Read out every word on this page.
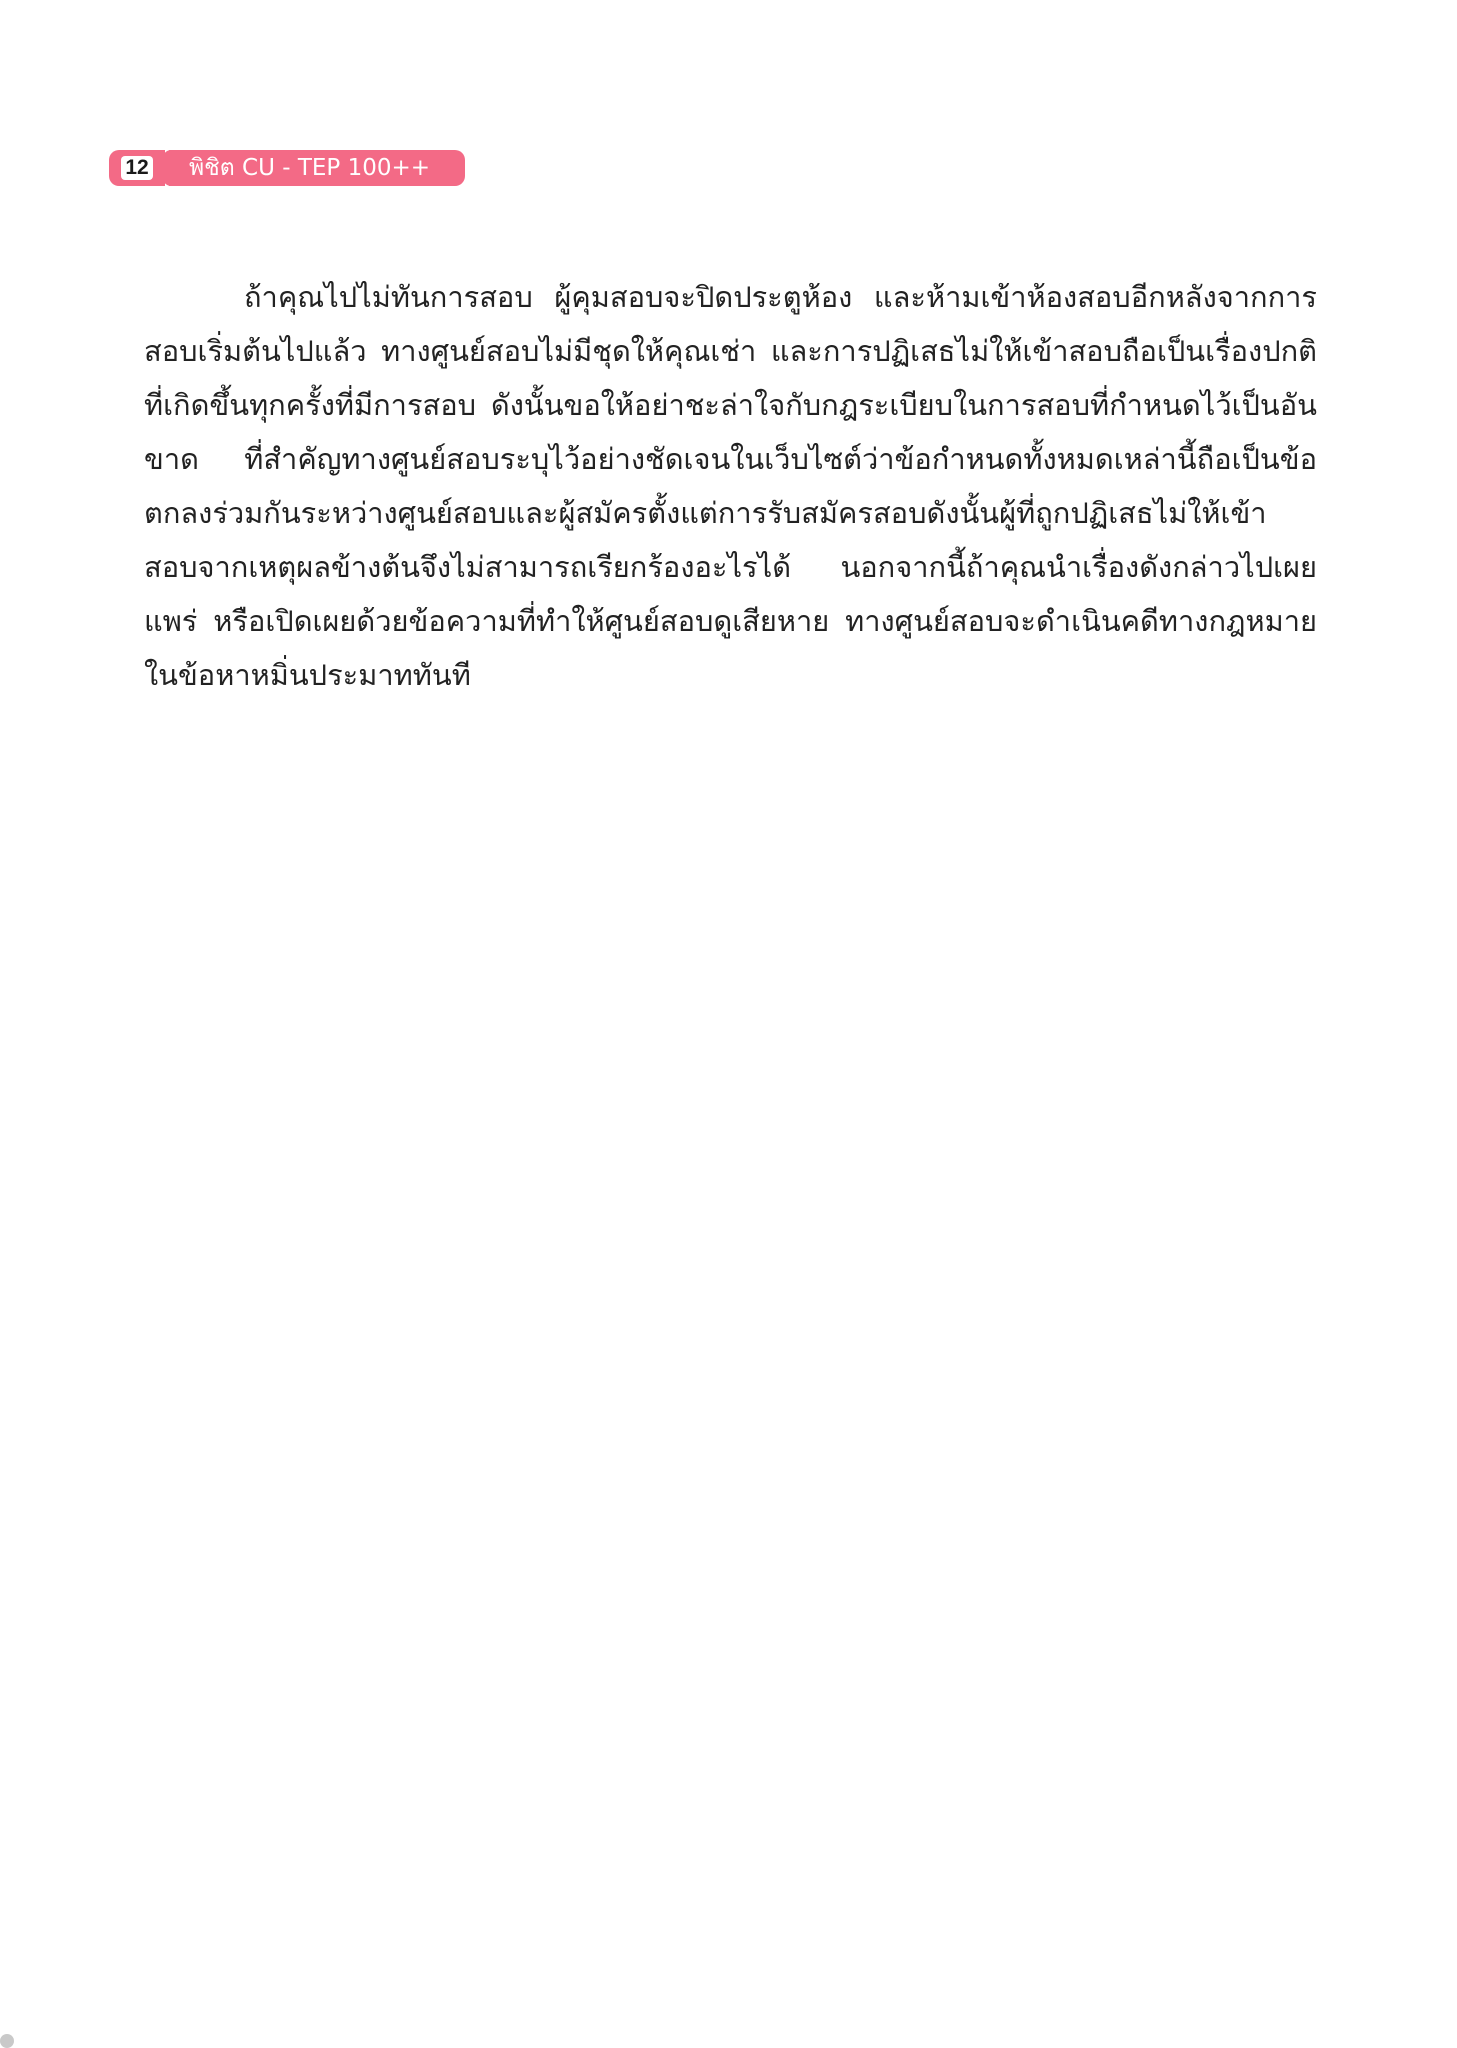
12 พิชิต CU - TEP 100++

ถ้าคุณไปไม่ทันการสอบ ผู้คุมสอบจะปิดประตูห้อง และห้ามเข้าห้องสอบอีกหลังจากการสอบเริ่มต้นไปแล้ว ทางศูนย์สอบไม่มีชุดให้คุณเช่า และการปฏิเสธไม่ให้เข้าสอบถือเป็นเรื่องปกติที่เกิดขึ้นทุกครั้งที่มีการสอบ ดังนั้นขอให้อย่าชะล่าใจกับกฎระเบียบในการสอบที่กำหนดไว้เป็นอันขาด ที่สำคัญทางศูนย์สอบระบุไว้อย่างชัดเจนในเว็บไซต์ว่าข้อกำหนดทั้งหมดเหล่านี้ถือเป็นข้อตกลงร่วมกันระหว่างศูนย์สอบและผู้สมัครตั้งแต่การรับสมัครสอบดังนั้นผู้ที่ถูกปฏิเสธไม่ให้เข้าสอบจากเหตุผลข้างต้นจึงไม่สามารถเรียกร้องอะไรได้ นอกจากนี้ถ้าคุณนำเรื่องดังกล่าวไปเผยแพร่ หรือเปิดเผยด้วยข้อความที่ทำให้ศูนย์สอบดูเสียหาย ทางศูนย์สอบจะดำเนินคดีทางกฎหมายในข้อหาหมิ่นประมาททันที
